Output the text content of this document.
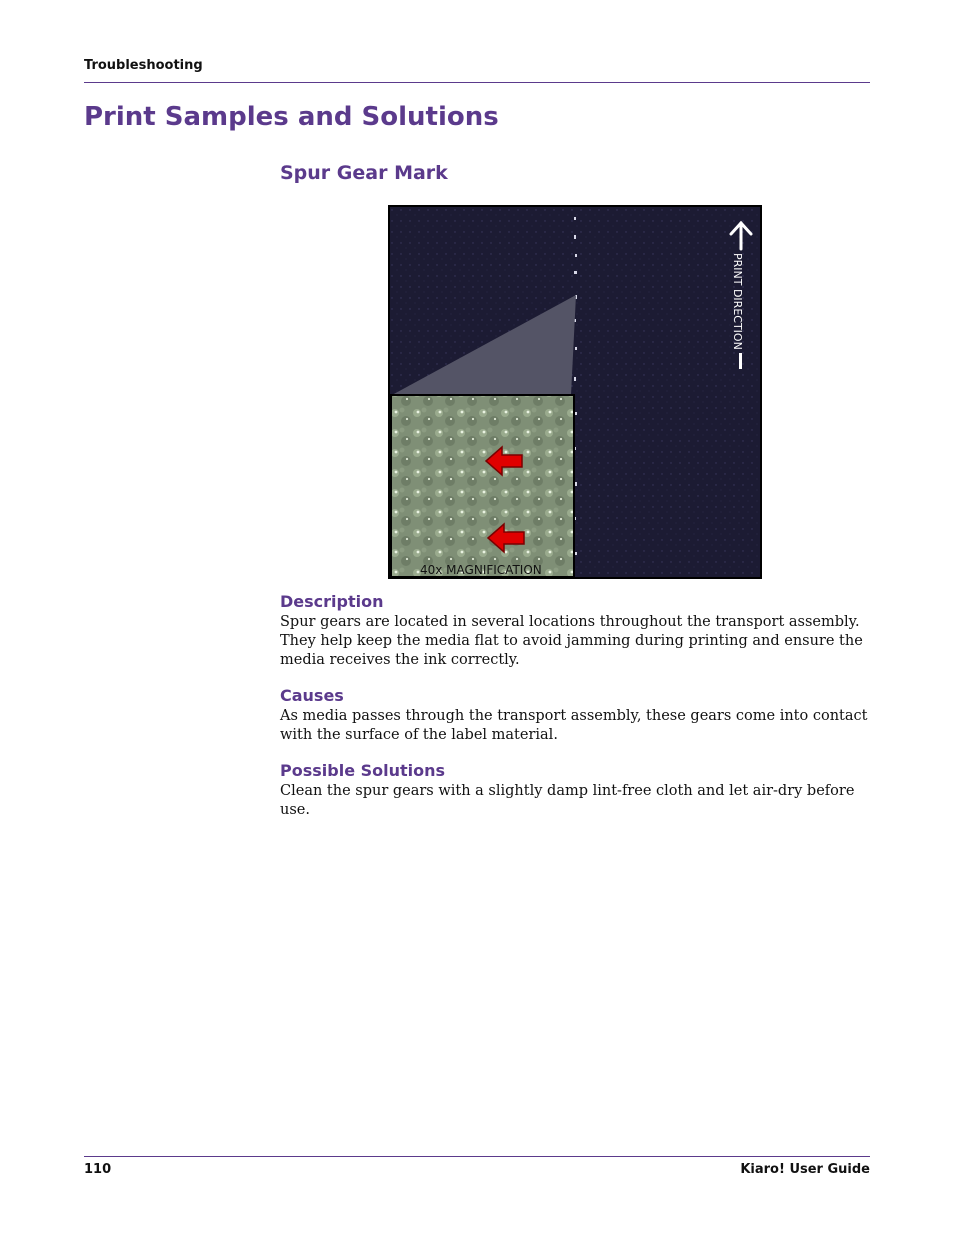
Troubleshooting
Print Samples and Solutions
Spur Gear Mark
40x MAGNIFICATION
PRINT DIRECTION
Description

Spur gears are located in several locations throughout the transport assembly. They help keep the media flat to avoid jamming during printing and ensure the media receives the ink correctly.

Causes

As media passes through the transport assembly, these gears come into contact with the surface of the label material.

Possible Solutions

Clean the spur gears with a slightly damp lint-free cloth and let air-dry before use.

110	Kiaro! User Guide
